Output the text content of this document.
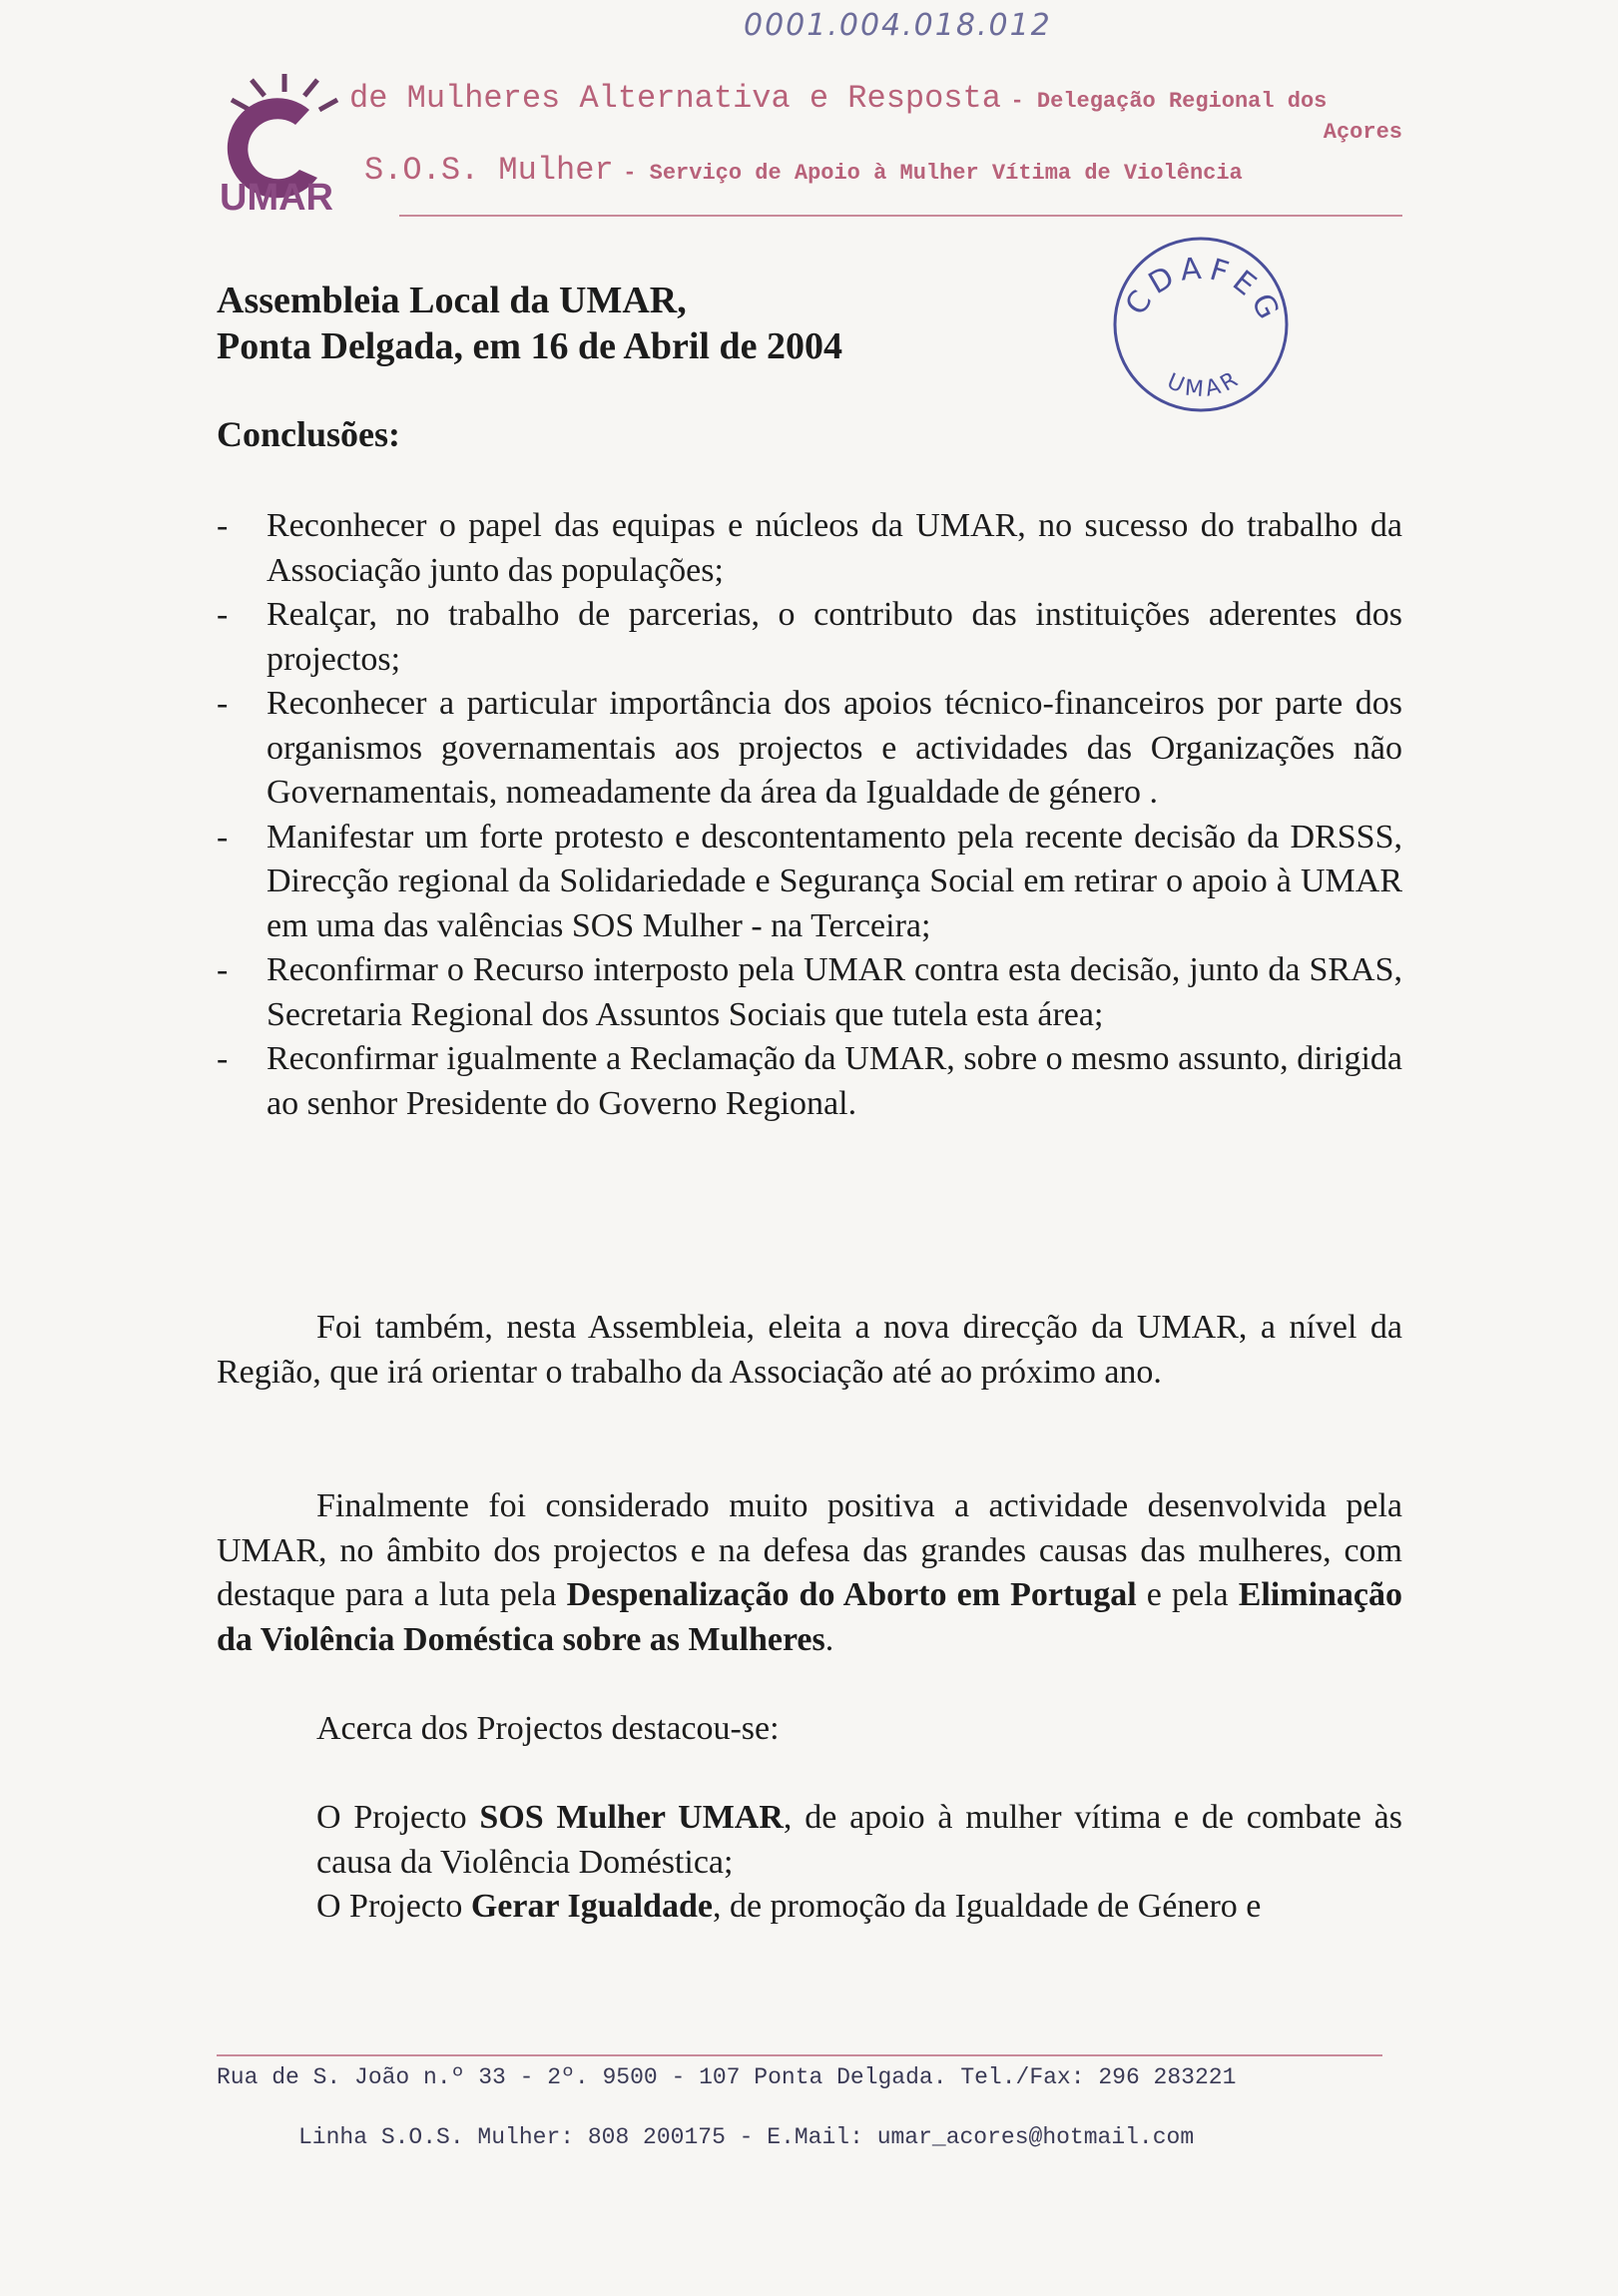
0001.004.018.012
UMAR
de Mulheres Alternativa e Resposta - Delegação Regional dos
Açores
S.O.S. Mulher - Serviço de Apoio à Mulher Vítima de Violência
Assembleia Local da UMAR,
Ponta Delgada, em 16 de Abril de 2004
CDAFEG
UMAR
Conclusões:
- Reconhecer o papel das equipas e núcleos da UMAR, no sucesso do trabalho da Associação junto das populações;
- Realçar, no trabalho de parcerias, o contributo das instituições aderentes dos projectos;
- Reconhecer a particular importância dos apoios técnico-financeiros por parte dos organismos governamentais aos projectos e actividades das Organizações não Governamentais, nomeadamente da área da Igualdade de género .
- Manifestar um forte protesto e descontentamento pela recente decisão da DRSSS, Direcção regional da Solidariedade e Segurança Social em retirar o apoio à UMAR em uma das valências SOS Mulher - na Terceira;
- Reconfirmar o Recurso interposto pela UMAR contra esta decisão, junto da SRAS, Secretaria Regional dos Assuntos Sociais que tutela esta área;
- Reconfirmar igualmente a Reclamação da UMAR, sobre o mesmo assunto, dirigida ao senhor Presidente do Governo Regional.

Foi também, nesta Assembleia, eleita a nova direcção da UMAR, a nível da Região, que irá orientar o trabalho da Associação até ao próximo ano.

Finalmente foi considerado muito positiva a actividade desenvolvida pela UMAR, no âmbito dos projectos e na defesa das grandes causas das mulheres, com destaque para a luta pela Despenalização do Aborto em Portugal e pela Eliminação da Violência Doméstica sobre as Mulheres.

Acerca dos Projectos destacou-se:

O Projecto SOS Mulher UMAR, de apoio à mulher vítima e de combate às causa da Violência Doméstica;
O Projecto Gerar Igualdade, de promoção da Igualdade de Género e
Rua de S. João n.º 33 - 2º. 9500 - 107 Ponta Delgada. Tel./Fax: 296 283221
Linha S.O.S. Mulher: 808 200175 - E.Mail: umar_acores@hotmail.com
